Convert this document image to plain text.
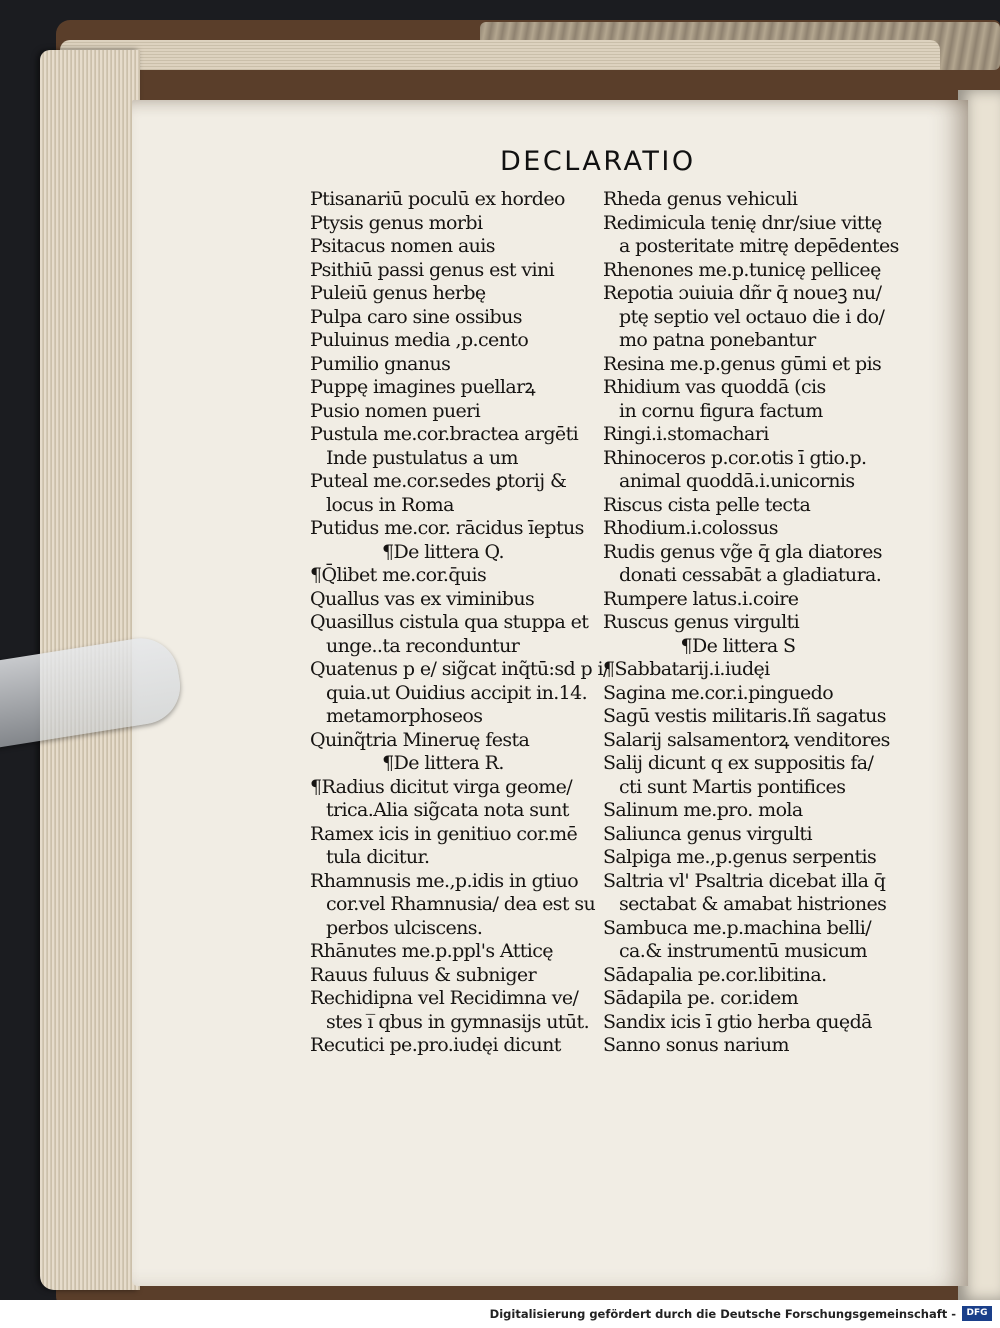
DECLARATIO
Ptisanariū poculū ex hordeo
Ptysis genus morbi
Psitacus nomen auis
Psithiū passi genus est vini
Puleiū genus herbę
Pulpa caro sine ossibus
Puluinus media ,p.cento
Pumilio gnanus
Puppę imagines puellarꝝ
Pusio nomen pueri
Pustula me.cor.bractea argēti
Inde pustulatus a um
Puteal me.cor.sedes ꝑtorij &
locus in Roma
Putidus me.cor. rācidus īeptus
¶De littera Q.
¶Q̄libet me.cor.q̄uis
Quallus vas ex viminibus
Quasillus cistula qua stuppa et
unge..ta reconduntur
Quatenus p e/ sig̃cat inq̃tū:sd p i/
quia.ut Ouidius accipit in.14.
metamorphoseos
Quinq̃tria Mineruę festa
¶De littera R.
¶Radius dicitut virga geome/
trica.Alia sig̃cata nota sunt
Ramex icis in genitiuo cor.mē
tula dicitur.
Rhamnusis me.,p.idis in gtiuo
cor.vel Rhamnusia/ dea est su
perbos ulciscens.
Rhānutes me.p.ppl's Atticę
Rauus fuluus & subniger
Rechidipna vel Recidimna ve/
stes i̅ qbus in gymnasijs utūt.
Recutici pe.pro.iudęi dicunt
Rheda genus vehiculi
Redimicula tenię dnr/siue vittę
a posteritate mitrę depēdentes
Rhenones me.p.tunicę pelliceę
Repotia ɔuiuia dñr q̄ noueꝫ nu/
ptę septio vel octauo die i do/
mo patna ponebantur
Resina me.p.genus gūmi et pis
Rhidium vas quoddā (cis
in cornu figura factum
Ringi.i.stomachari
Rhinoceros p.cor.otis ī gtio.p.
animal quoddā.i.unicornis
Riscus cista pelle tecta
Rhodium.i.colossus
Rudis genus vg̃e q̄ gla diatores
donati cessabāt a gladiatura.
Rumpere latus.i.coire
Ruscus genus virgulti
¶De littera S
¶Sabbatarij.i.iudęi
Sagina me.cor.i.pinguedo
Sagū vestis militaris.Iñ sagatus
Salarij salsamentorꝝ venditores
Salij dicunt q ex suppositis fa/
cti sunt Martis pontifices
Salinum me.pro. mola
Saliunca genus virgulti
Salpiga me.,p.genus serpentis
Saltria vl' Psaltria dicebat illa q̄
sectabat & amabat histriones
Sambuca me.p.machina belli/
ca.& instrumentū musicum
Sādapalia pe.cor.libitina.
Sādapila pe. cor.idem
Sandix icis ī gtio herba quędā
Sanno sonus narium
Digitalisierung gefördert durch die Deutsche Forschungsgemeinschaft -	DFG
